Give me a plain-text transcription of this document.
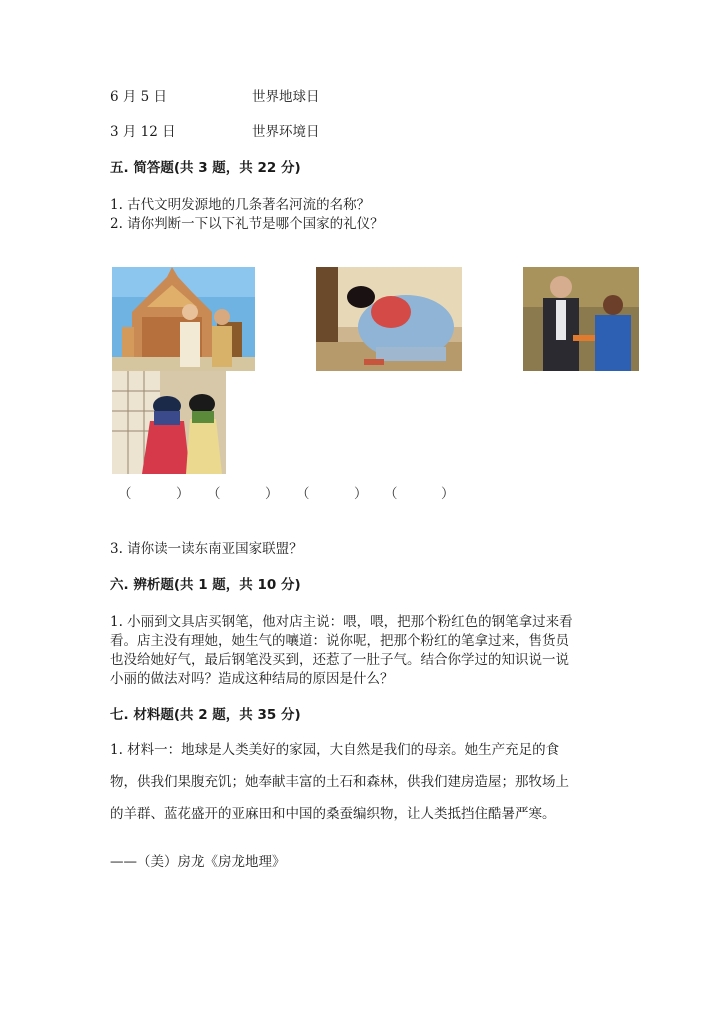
6 月 5 日	世界地球日
3 月 12 日	世界环境日
五. 简答题(共 3 题，共 22 分)
1. 古代文明发源地的几条著名河流的名称？
2. 请你判断一下以下礼节是哪个国家的礼仪？
（	） （	） （	） （	）
3. 请你读一读东南亚国家联盟？
六. 辨析题(共 1 题，共 10 分)
1. 小丽到文具店买钢笔，他对店主说：喂，喂，把那个粉红色的钢笔拿过来看
看。店主没有理她，她生气的嚷道：说你呢，把那个粉红的笔拿过来，售货员
也没给她好气，最后钢笔没买到，还惹了一肚子气。结合你学过的知识说一说
小丽的做法对吗？造成这种结局的原因是什么？
七. 材料题(共 2 题，共 35 分)
1. 材料一：地球是人类美好的家园，大自然是我们的母亲。她生产充足的食
物，供我们果腹充饥；她奉献丰富的土石和森林，供我们建房造屋；那牧场上
的羊群、蓝花盛开的亚麻田和中国的桑蚕编织物，让人类抵挡住酷暑严寒。
——（美）房龙《房龙地理》
